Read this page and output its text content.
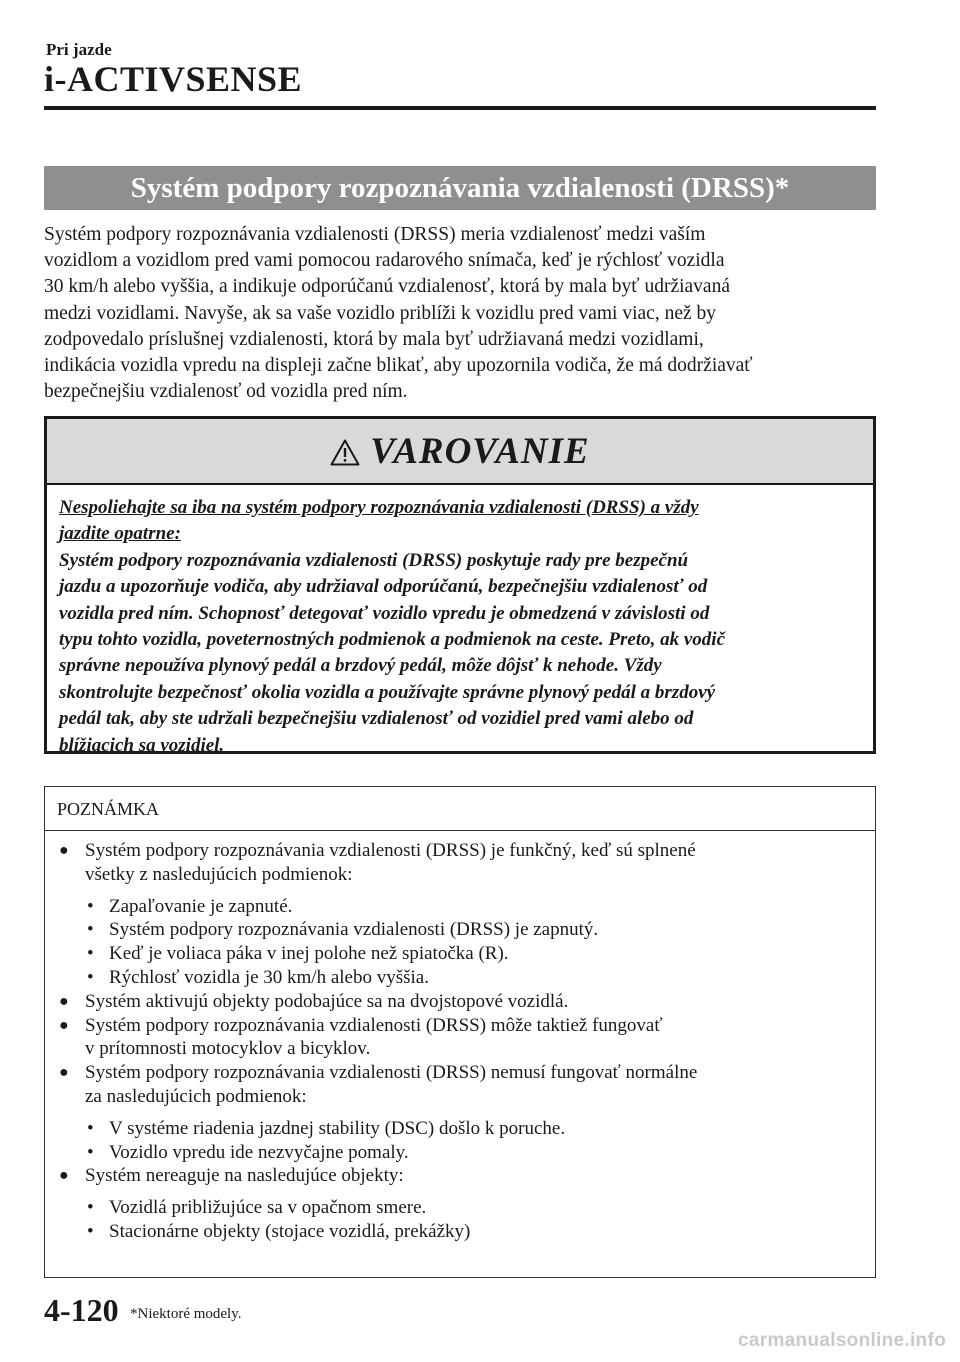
Pri jazde
i-ACTIVSENSE
Systém podpory rozpoznávania vzdialenosti (DRSS)*

Systém podpory rozpoznávania vzdialenosti (DRSS) meria vzdialenosť medzi vaším

vozidlom a vozidlom pred vami pomocou radarového snímača, keď je rýchlosť vozidla

30 km/h alebo vyššia, a indikuje odporúčanú vzdialenosť, ktorá by mala byť udržiavaná

medzi vozidlami. Navyše, ak sa vaše vozidlo priblíži k vozidlu pred vami viac, než by

zodpovedalo príslušnej vzdialenosti, ktorá by mala byť udržiavaná medzi vozidlami,

indikácia vozidla vpredu na displeji začne blikať, aby upozornila vodiča, že má dodržiavať

bezpečnejšiu vzdialenosť od vozidla pred ním.

VAROVANIE

Nespoliehajte sa iba na systém podpory rozpoznávania vzdialenosti (DRSS) a vždy

jazdite opatrne:

Systém podpory rozpoznávania vzdialenosti (DRSS) poskytuje rady pre bezpečnú

jazdu a upozorňuje vodiča, aby udržiaval odporúčanú, bezpečnejšiu vzdialenosť od

vozidla pred ním. Schopnosť detegovať vozidlo vpredu je obmedzená v závislosti od

typu tohto vozidla, poveternostných podmienok a podmienok na ceste. Preto, ak vodič

správne nepoužíva plynový pedál a brzdový pedál, môže dôjsť k nehode. Vždy

skontrolujte bezpečnosť okolia vozidla a používajte správne plynový pedál a brzdový

pedál tak, aby ste udržali bezpečnejšiu vzdialenosť od vozidiel pred vami alebo od

blížiacich sa vozidiel.

POZNÁMKA
● Systém podpory rozpoznávania vzdialenosti (DRSS) je funkčný, keď sú splnené
všetky z nasledujúcich podmienok:
• Zapaľovanie je zapnuté.
• Systém podpory rozpoznávania vzdialenosti (DRSS) je zapnutý.
• Keď je voliaca páka v inej polohe než spiatočka (R).
• Rýchlosť vozidla je 30 km/h alebo vyššia.
● Systém aktivujú objekty podobajúce sa na dvojstopové vozidlá.
● Systém podpory rozpoznávania vzdialenosti (DRSS) môže taktiež fungovať
v prítomnosti motocyklov a bicyklov.
● Systém podpory rozpoznávania vzdialenosti (DRSS) nemusí fungovať normálne
za nasledujúcich podmienok:
• V systéme riadenia jazdnej stability (DSC) došlo k poruche.
• Vozidlo vpredu ide nezvyčajne pomaly.
● Systém nereaguje na nasledujúce objekty:
• Vozidlá približujúce sa v opačnom smere.
• Stacionárne objekty (stojace vozidlá, prekážky)
4-120 *Niektoré modely.
carmanualsonline.info
